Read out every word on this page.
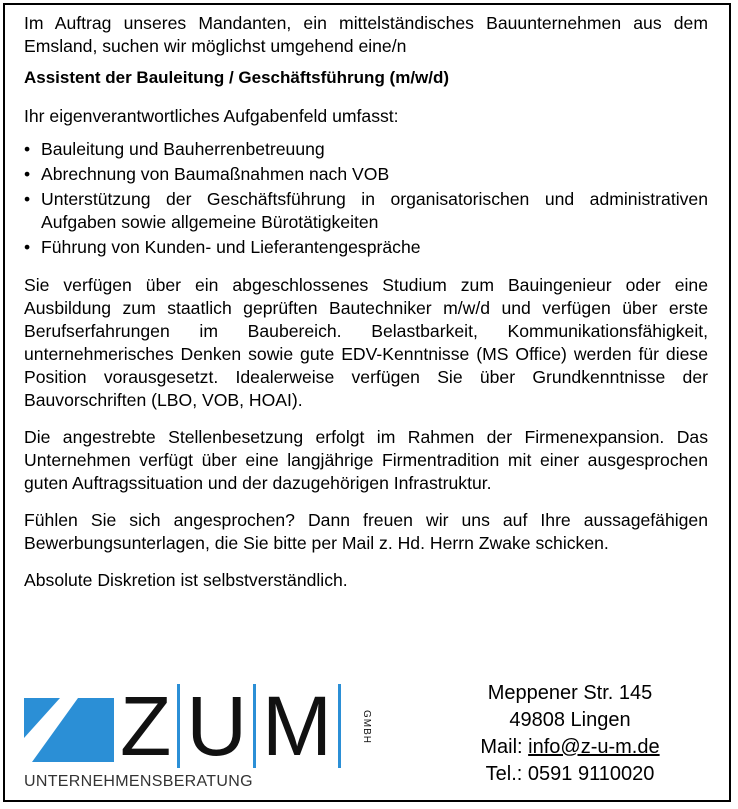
Im Auftrag unseres Mandanten, ein mittelständisches Bauunternehmen aus dem Emsland, suchen wir möglichst umgehend eine/n

Assistent der Bauleitung / Geschäftsführung (m/w/d)

Ihr eigenverantwortliches Aufgabenfeld umfasst:

• Bauleitung und Bauherrenbetreuung
• Abrechnung von Baumaßnahmen nach VOB
• Unterstützung der Geschäftsführung in organisatorischen und administrativen Aufgaben sowie allgemeine Bürotätigkeiten
• Führung von Kunden- und Lieferantengespräche

Sie verfügen über ein abgeschlossenes Studium zum Bauingenieur oder eine Ausbildung zum staatlich geprüften Bautechniker m/w/d und verfügen über erste Berufserfahrungen im Baubereich. Belastbarkeit, Kommunikationsfähigkeit, unternehmerisches Denken sowie gute EDV-Kenntnisse (MS Office) werden für diese Position vorausgesetzt. Idealerweise verfügen Sie über Grundkenntnisse der Bauvorschriften (LBO, VOB, HOAI).

Die angestrebte Stellenbesetzung erfolgt im Rahmen der Firmenexpansion. Das Unternehmen verfügt über eine langjährige Firmentradition mit einer ausgesprochen guten Auftragssituation und der dazugehörigen Infrastruktur.

Fühlen Sie sich angesprochen? Dann freuen wir uns auf Ihre aussagefähigen Bewerbungsunterlagen, die Sie bitte per Mail z. Hd. Herrn Zwake schicken.

Absolute Diskretion ist selbstverständlich.

Z U M	GMBH
UNTERNEHMENSBERATUNG
Meppener Str. 145
49808 Lingen
Mail: info@z-u-m.de
Tel.: 0591 9110020
